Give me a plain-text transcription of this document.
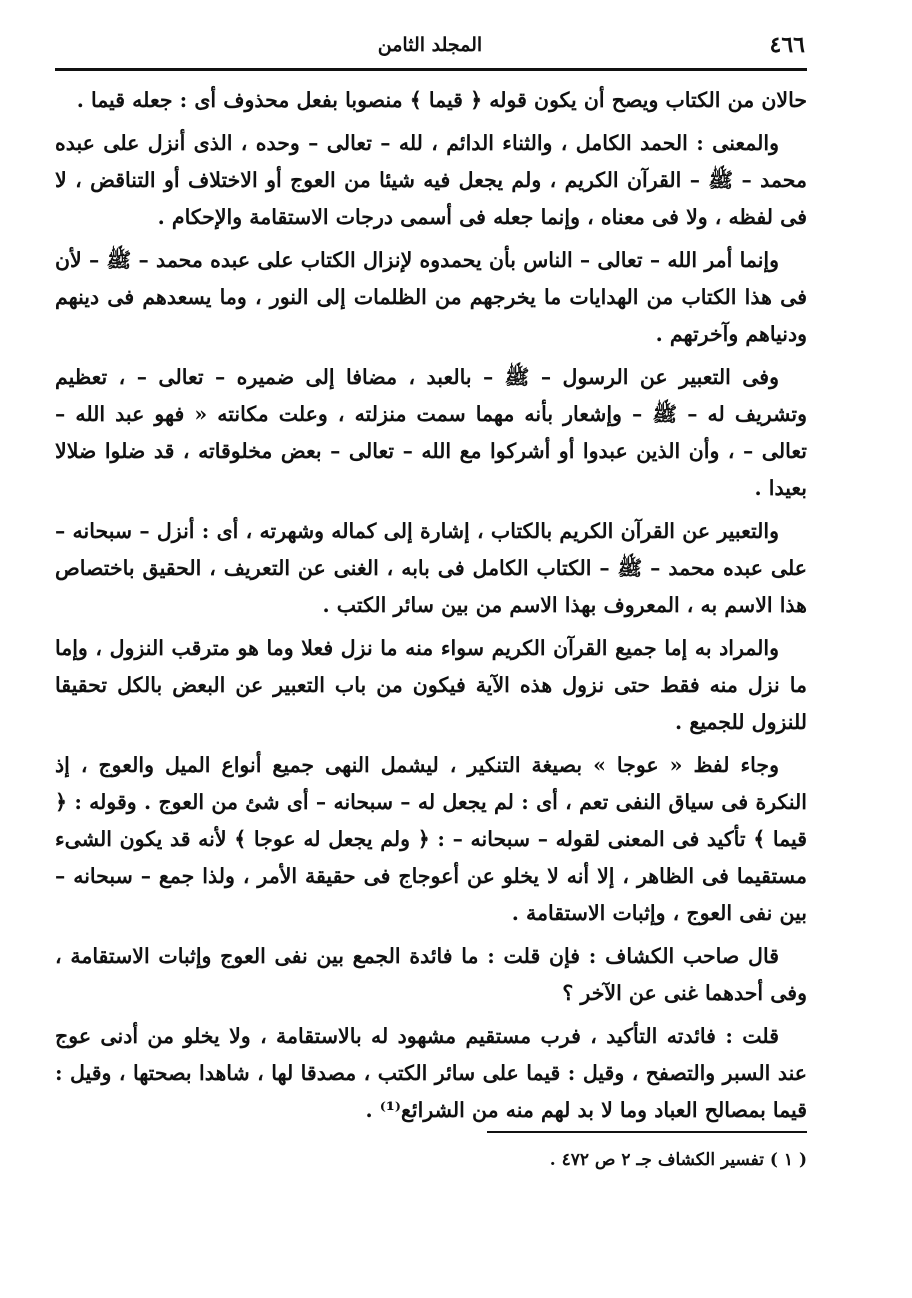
٤٦٦
المجلد الثامن

حالان من الكتاب ويصح أن يكون قوله ﴿ قيما ﴾ منصوبا بفعل محذوف أى : جعله قيما .

والمعنى : الحمد الكامل ، والثناء الدائم ، لله – تعالى – وحده ، الذى أنزل على عبده محمد – ﷺ – القرآن الكريم ، ولم يجعل فيه شيئا من العوج أو الاختلاف أو التناقض ، لا فى لفظه ، ولا فى معناه ، وإنما جعله فى أسمى درجات الاستقامة والإحكام .

وإنما أمر الله – تعالى – الناس بأن يحمدوه لإنزال الكتاب على عبده محمد – ﷺ – لأن فى هذا الكتاب من الهدايات ما يخرجهم من الظلمات إلى النور ، وما يسعدهم فى دينهم ودنياهم وآخرتهم .

وفى التعبير عن الرسول – ﷺ – بالعبد ، مضافا إلى ضميره – تعالى – ، تعظيم وتشريف له – ﷺ – وإشعار بأنه مهما سمت منزلته ، وعلت مكانته « فهو عبد الله – تعالى – ، وأن الذين عبدوا أو أشركوا مع الله – تعالى – بعض مخلوقاته ، قد ضلوا ضلالا بعيدا .

والتعبير عن القرآن الكريم بالكتاب ، إشارة إلى كماله وشهرته ، أى : أنزل – سبحانه – على عبده محمد – ﷺ – الكتاب الكامل فى بابه ، الغنى عن التعريف ، الحقيق باختصاص هذا الاسم به ، المعروف بهذا الاسم من بين سائر الكتب .

والمراد به إما جميع القرآن الكريم سواء منه ما نزل فعلا وما هو مترقب النزول ، وإما ما نزل منه فقط حتى نزول هذه الآية فيكون من باب التعبير عن البعض بالكل تحقيقا للنزول للجميع .

وجاء لفظ « عوجا » بصيغة التنكير ، ليشمل النهى جميع أنواع الميل والعوج ، إذ النكرة فى سياق النفى تعم ، أى : لم يجعل له – سبحانه – أى شئ من العوج . وقوله : ﴿ قيما ﴾ تأكيد فى المعنى لقوله – سبحانه – : ﴿ ولم يجعل له عوجا ﴾ لأنه قد يكون الشىء مستقيما فى الظاهر ، إلا أنه لا يخلو عن أعوجاج فى حقيقة الأمر ، ولذا جمع – سبحانه – بين نفى العوج ، وإثبات الاستقامة .

قال صاحب الكشاف : فإن قلت : ما فائدة الجمع بين نفى العوج وإثبات الاستقامة ، وفى أحدهما غنى عن الآخر ؟

قلت : فائدته التأكيد ، فرب مستقيم مشهود له بالاستقامة ، ولا يخلو من أدنى عوج عند السبر والتصفح ، وقيل : قيما على سائر الكتب ، مصدقا لها ، شاهدا بصحتها ، وقيل : قيما بمصالح العباد وما لا بد لهم منه من الشرائع⁽¹⁾ .

( ١ ) تفسير الكشاف جـ ٢ ص ٤٧٢ .
